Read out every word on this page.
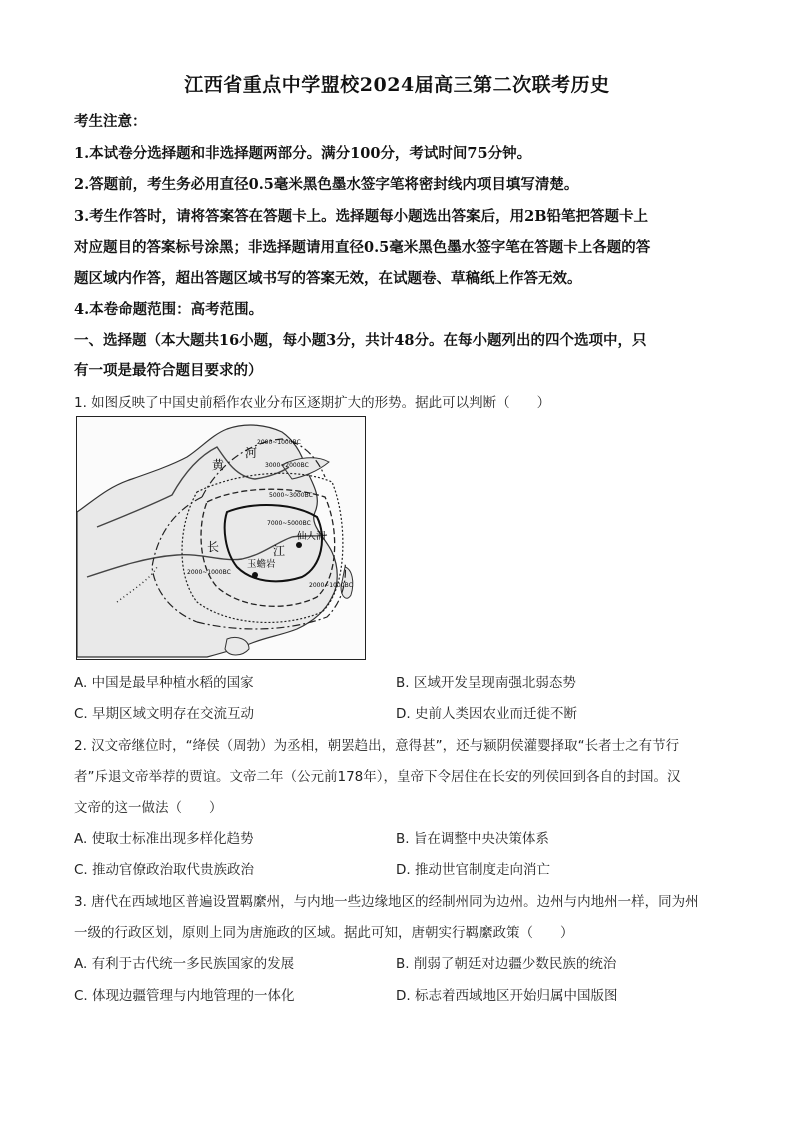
江西省重点中学盟校2024届高三第二次联考历史
考生注意：
1.本试卷分选择题和非选择题两部分。满分100分，考试时间75分钟。
2.答题前，考生务必用直径0.5毫米黑色墨水签字笔将密封线内项目填写清楚。
3.考生作答时，请将答案答在答题卡上。选择题每小题选出答案后，用2B铅笔把答题卡上
对应题目的答案标号涂黑；非选择题请用直径0.5毫米黑色墨水签字笔在答题卡上各题的答
题区域内作答，超出答题区域书写的答案无效，在试题卷、草稿纸上作答无效。
4.本卷命题范围：高考范围。
一、选择题（本大题共16小题，每小题3分，共计48分。在每小题列出的四个选项中，只
有一项是最符合题目要求的）
1. 如图反映了中国史前稻作农业分布区逐期扩大的形势。据此可以判断（　　）
黄
河
长	江
仙人洞
玉蟾岩
2000~1000BC
3000~2000BC
5000~3000BC
7000~5000BC
2000~1000BC
2000~1000BC
A. 中国是最早种植水稻的国家	B. 区域开发呈现南强北弱态势
C. 早期区域文明存在交流互动	D. 史前人类因农业而迁徙不断
2. 汉文帝继位时，“绛侯（周勃）为丞相，朝罢趋出，意得甚”，还与颍阴侯灌婴择取“长者士之有节行
者”斥退文帝举荐的贾谊。文帝二年（公元前178年），皇帝下令居住在长安的列侯回到各自的封国。汉
文帝的这一做法（　　）
A. 使取士标准出现多样化趋势	B. 旨在调整中央决策体系
C. 推动官僚政治取代贵族政治	D. 推动世官制度走向消亡
3. 唐代在西域地区普遍设置羁縻州，与内地一些边缘地区的经制州同为边州。边州与内地州一样，同为州
一级的行政区划，原则上同为唐施政的区域。据此可知，唐朝实行羁縻政策（　　）
A. 有利于古代统一多民族国家的发展	B. 削弱了朝廷对边疆少数民族的统治
C. 体现边疆管理与内地管理的一体化	D. 标志着西域地区开始归属中国版图
